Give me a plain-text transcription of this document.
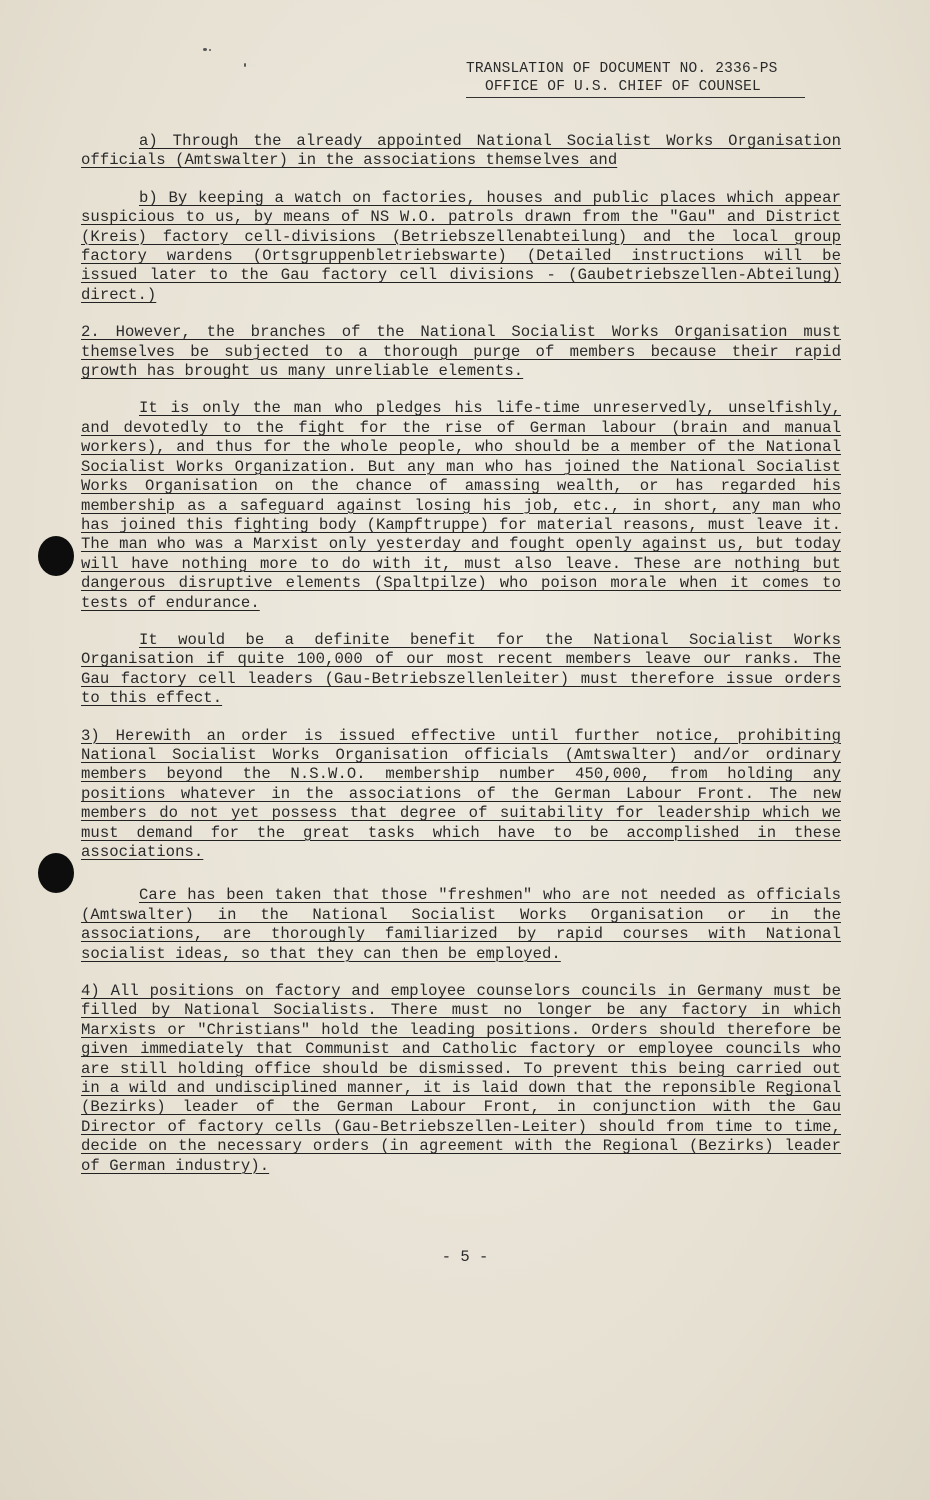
TRANSLATION OF DOCUMENT NO. 2336-PS
OFFICE OF U.S. CHIEF OF COUNSEL

a) Through the already appointed National Socialist Works Organisation officials (Amtswalter) in the associations themselves and

b) By keeping a watch on factories, houses and public places which appear suspicious to us, by means of NS W.O. patrols drawn from the "Gau" and District (Kreis) factory cell-divisions (Betriebszellenabteilung) and the local group factory wardens (Ortsgruppenbletriebswarte) (Detailed instructions will be issued later to the Gau factory cell divisions - (Gaubetriebszellen-Abteilung) direct.)

2. However, the branches of the National Socialist Works Organisation must themselves be subjected to a thorough purge of members because their rapid growth has brought us many unreliable elements.

It is only the man who pledges his life-time unreservedly, unselfishly, and devotedly to the fight for the rise of German labour (brain and manual workers), and thus for the whole people, who should be a member of the National Socialist Works Organization. But any man who has joined the National Socialist Works Organisation on the chance of amassing wealth, or has regarded his membership as a safeguard against losing his job, etc., in short, any man who has joined this fighting body (Kampftruppe) for material reasons, must leave it. The man who was a Marxist only yesterday and fought openly against us, but today will have nothing more to do with it, must also leave. These are nothing but dangerous disruptive elements (Spaltpilze) who poison morale when it comes to tests of endurance.

It would be a definite benefit for the National Socialist Works Organisation if quite 100,000 of our most recent members leave our ranks. The Gau factory cell leaders (Gau-Betriebszellenleiter) must therefore issue orders to this effect.

3) Herewith an order is issued effective until further notice, prohibiting National Socialist Works Organisation officials (Amtswalter) and/or ordinary members beyond the N.S.W.O. membership number 450,000, from holding any positions whatever in the associations of the German Labour Front. The new members do not yet possess that degree of suitability for leadership which we must demand for the great tasks which have to be accomplished in these associations.

Care has been taken that those "freshmen" who are not needed as officials (Amtswalter) in the National Socialist Works Organisation or in the associations, are thoroughly familiarized by rapid courses with National socialist ideas, so that they can then be employed.

4) All positions on factory and employee counselors councils in Germany must be filled by National Socialists. There must no longer be any factory in which Marxists or "Christians" hold the leading positions. Orders should therefore be given immediately that Communist and Catholic factory or employee councils who are still holding office should be dismissed. To prevent this being carried out in a wild and undisciplined manner, it is laid down that the reponsible Regional (Bezirks) leader of the German Labour Front, in conjunction with the Gau Director of factory cells (Gau-Betriebszellen-Leiter) should from time to time, decide on the necessary orders (in agreement with the Regional (Bezirks) leader of German industry).

- 5 -
